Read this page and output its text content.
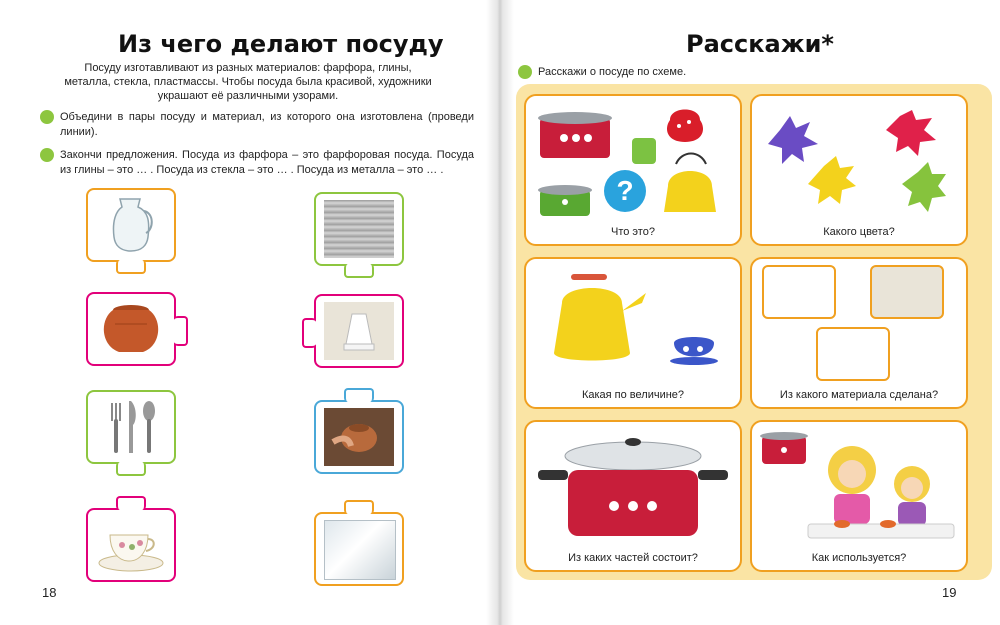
Из чего делают посуду
Посуду изготавливают из разных материалов: фарфора, глины, металла, стекла, пластмассы. Чтобы посуда была красивой, художники украшают её различными узорами.
Объедини в пары посуду и материал, из которого она изготовлена (проведи линии).
Закончи предложения. Посуда из фарфора – это фарфоровая посуда. Посуда из глины – это … . Посуда из стекла – это … . Посуда из металла – это … .
18
Расскажи*
Расскажи о посуде по схеме.
?
Что это?	Какого цвета?
Какая по величине?	Из какого материала сделана?
Из каких частей состоит?	Как используется?
19
